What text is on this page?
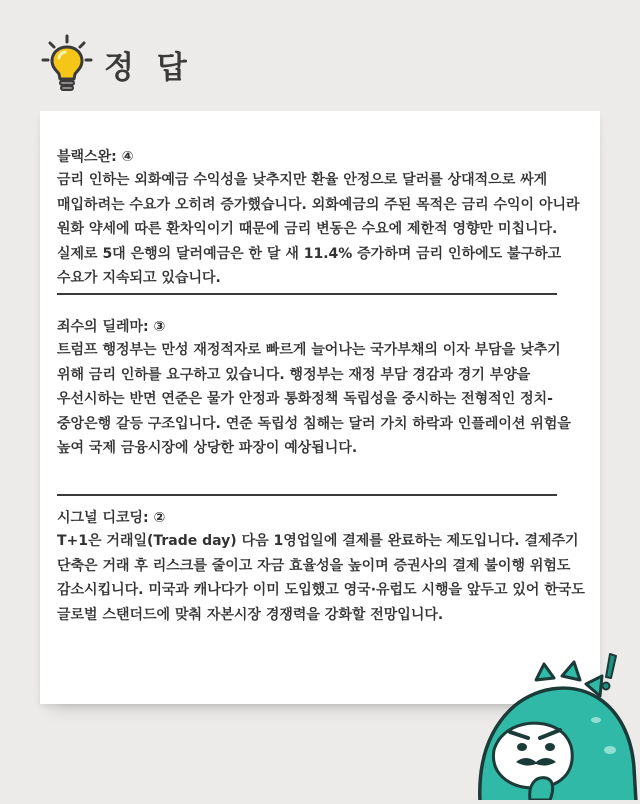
정 답
블랙스완: ④
금리 인하는 외화예금 수익성을 낮추지만 환율 안정으로 달러를 상대적으로 싸게 매입하려는 수요가 오히려 증가했습니다. 외화예금의 주된 목적은 금리 수익이 아니라 원화 약세에 따른 환차익이기 때문에 금리 변동은 수요에 제한적 영향만 미칩니다. 실제로 5대 은행의 달러예금은 한 달 새 11.4% 증가하며 금리 인하에도 불구하고 수요가 지속되고 있습니다.
죄수의 딜레마: ③
트럼프 행정부는 만성 재정적자로 빠르게 늘어나는 국가부채의 이자 부담을 낮추기 위해 금리 인하를 요구하고 있습니다. 행정부는 재정 부담 경감과 경기 부양을 우선시하는 반면 연준은 물가 안정과 통화정책 독립성을 중시하는 전형적인 정치-중앙은행 갈등 구조입니다. 연준 독립성 침해는 달러 가치 하락과 인플레이션 위험을 높여 국제 금융시장에 상당한 파장이 예상됩니다.
시그널 디코딩: ②
T+1은 거래일(Trade day) 다음 1영업일에 결제를 완료하는 제도입니다. 결제주기 단축은 거래 후 리스크를 줄이고 자금 효율성을 높이며 증권사의 결제 불이행 위험도 감소시킵니다. 미국과 캐나다가 이미 도입했고 영국·유럽도 시행을 앞두고 있어 한국도 글로벌 스탠더드에 맞춰 자본시장 경쟁력을 강화할 전망입니다.
